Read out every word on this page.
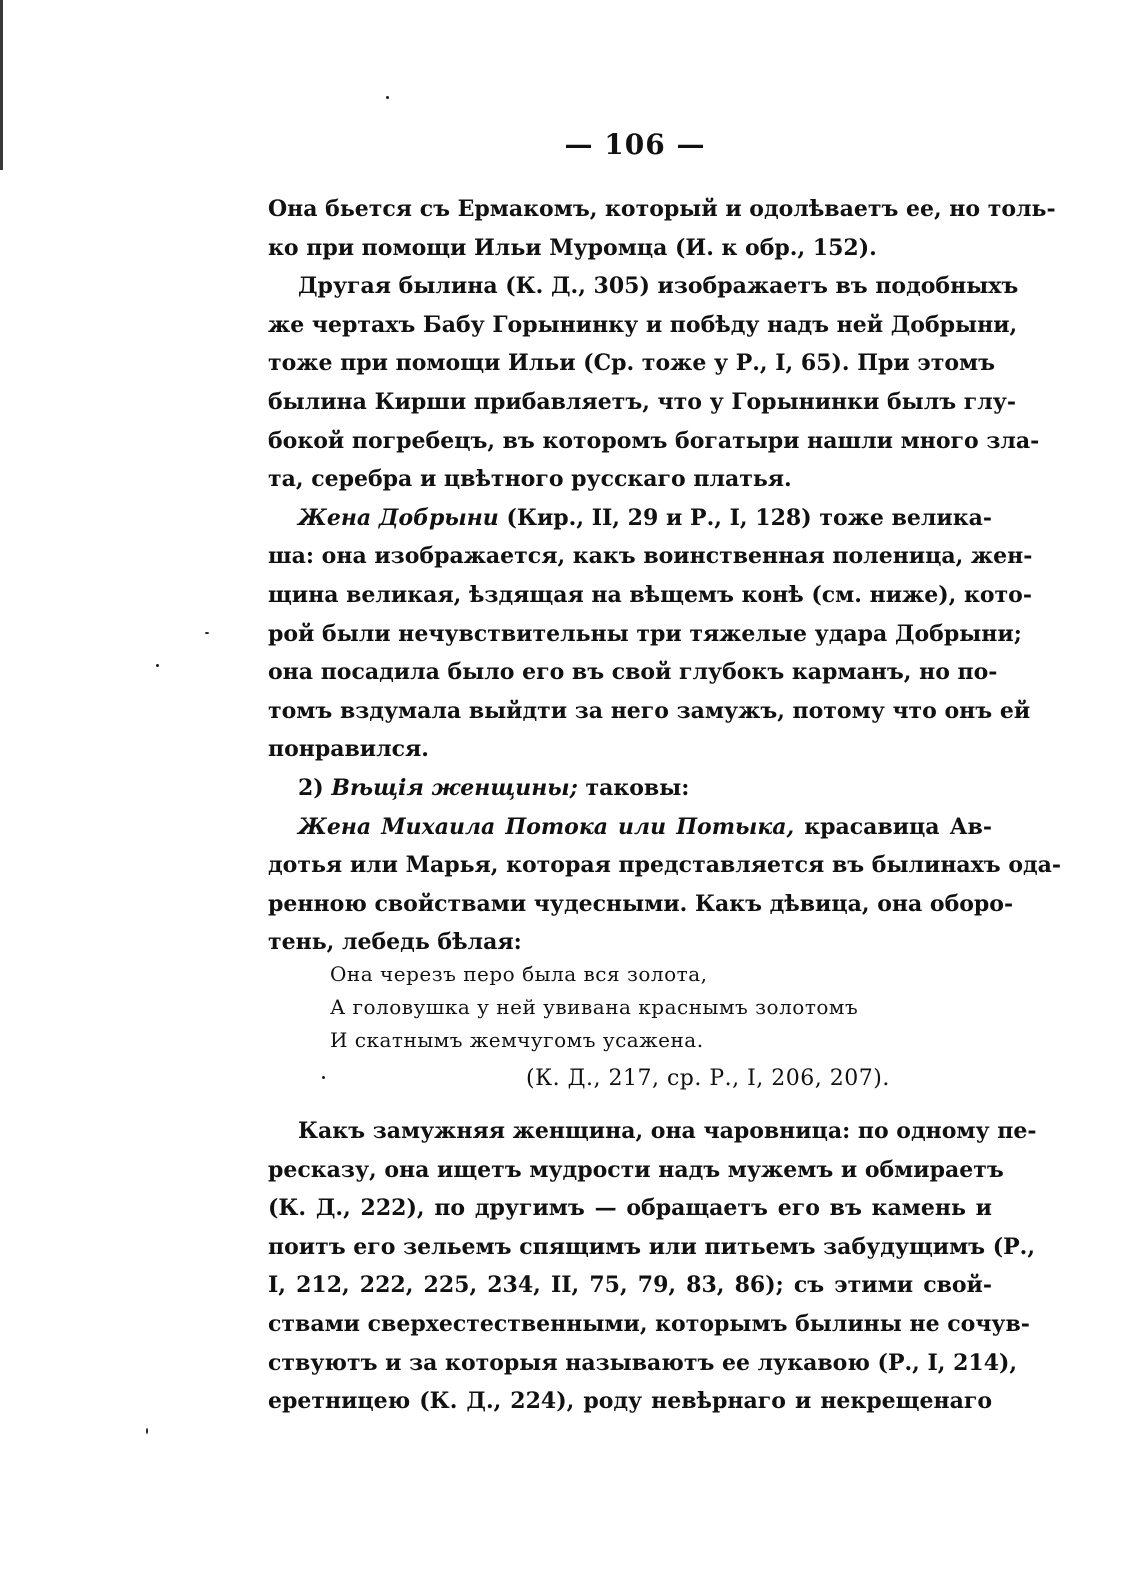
— 106 —
Она бьется съ Ермакомъ, который и одолѣваетъ ее, но толь-
ко при помощи Ильи Муромца (И. к обр., 152).
Другая былина (К. Д., 305) изображаетъ въ подобныхъ
же чертахъ Бабу Горынинку и побѣду надъ ней Добрыни,
тоже при помощи Ильи (Ср. тоже у Р., I, 65). При этомъ
былина Кирши прибавляетъ, что у Горынинки былъ глу-
бокой погребецъ, въ которомъ богатыри нашли много зла-
та, серебра и цвѣтного русскаго платья.
Жена Добрыни (Кир., II, 29 и Р., I, 128) тоже велика-
ша: она изображается, какъ воинственная поленица, жен-
щина великая, ѣздящая на вѣщемъ конѣ (см. ниже), кото-
рой были нечувствительны три тяжелые удара Добрыни;
она посадила было его въ свой глубокъ карманъ, но по-
томъ вздумала выйдти за него замужъ, потому что онъ ей
понравился.
2) Вѣщія женщины; таковы:
Жена Михаила Потока или Потыка, красавица Ав-
дотья или Марья, которая представляется въ былинахъ ода-
ренною свойствами чудесными. Какъ дѣвица, она оборо-
тень, лебедь бѣлая:
Она черезъ перо была вся золота,
А головушка у ней увивана краснымъ золотомъ
И скатнымъ жемчугомъ усажена.
(К. Д., 217, ср. Р., I, 206, 207).
Какъ замужняя женщина, она чаровница: по одному пе-
ресказу, она ищетъ мудрости надъ мужемъ и обмираетъ
(К. Д., 222), по другимъ — обращаетъ его въ камень и
поитъ его зельемъ спящимъ или питьемъ забудущимъ (Р.,
I, 212, 222, 225, 234, II, 75, 79, 83, 86); съ этими свой-
ствами сверхестественными, которымъ былины не сочув-
ствуютъ и за которыя называютъ ее лукавою (Р., I, 214),
еретницею (К. Д., 224), роду невѣрнаго и некрещенаго
